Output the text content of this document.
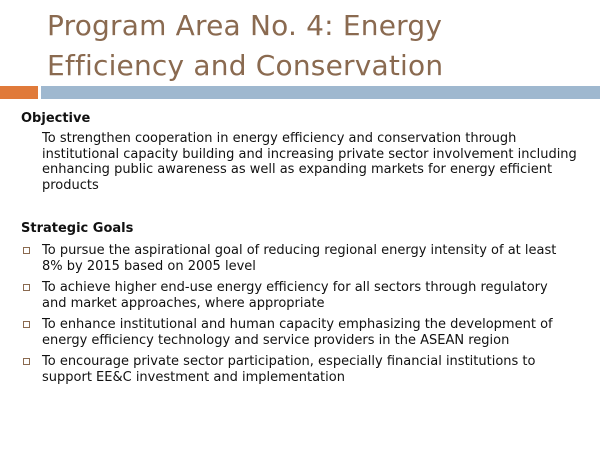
Program Area No. 4: Energy
Efficiency and Conservation
Objective
To strengthen cooperation in energy efficiency and conservation through institutional capacity building and increasing private sector involvement including enhancing public awareness as well as expanding markets for energy efficient products
Strategic Goals
To pursue the aspirational goal of reducing regional energy intensity of at least 8% by 2015 based on 2005 level
To achieve higher end-use energy efficiency for all sectors through regulatory and market approaches, where appropriate
To enhance institutional and human capacity emphasizing the development of energy efficiency technology and service providers in the ASEAN region
To encourage private sector participation, especially financial institutions to support EE&C investment and implementation
